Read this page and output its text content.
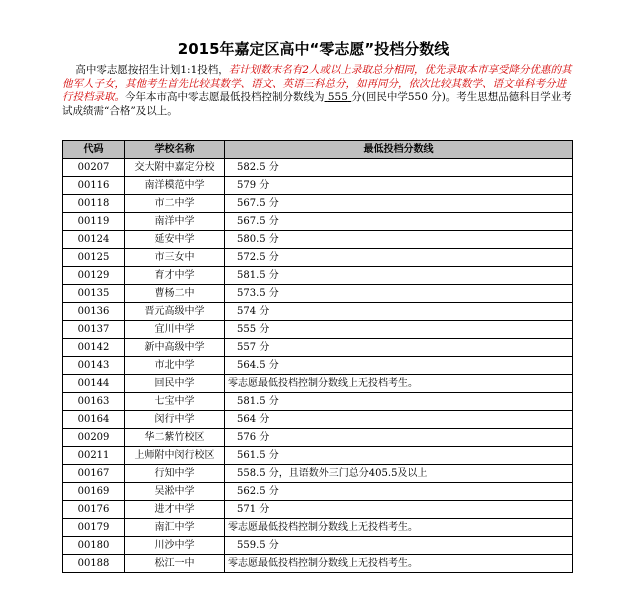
2015年嘉定区高中“零志愿”投档分数线
高中零志愿按招生计划1:1投档，若计划数末名有2人或以上录取总分相同，优先录取本市享受降分优惠的其他军人子女，其他考生首先比较其数学、语文、英语三科总分，如再同分，依次比较其数学、语文单科考分进行投档录取。今年本市高中零志愿最低投档控制分数线为 555 分(回民中学550 分)。考生思想品德科目学业考试成绩需“合格”及以上。
代码	学校名称	最低投档分数线
00207	交大附中嘉定分校	582.5 分
00116	南洋模范中学	579 分
00118	市二中学	567.5 分
00119	南洋中学	567.5 分
00124	延安中学	580.5 分
00125	市三女中	572.5 分
00129	育才中学	581.5 分
00135	曹杨二中	573.5 分
00136	晋元高级中学	574 分
00137	宜川中学	555 分
00142	新中高级中学	557 分
00143	市北中学	564.5 分
00144	回民中学	零志愿最低投档控制分数线上无投档考生。
00163	七宝中学	581.5 分
00164	闵行中学	564 分
00209	华二紫竹校区	576 分
00211	上师附中闵行校区	561.5 分
00167	行知中学	558.5 分，且语数外三门总分405.5及以上
00169	吴淞中学	562.5 分
00176	进才中学	571 分
00179	南汇中学	零志愿最低投档控制分数线上无投档考生。
00180	川沙中学	559.5 分
00188	松江一中	零志愿最低投档控制分数线上无投档考生。
